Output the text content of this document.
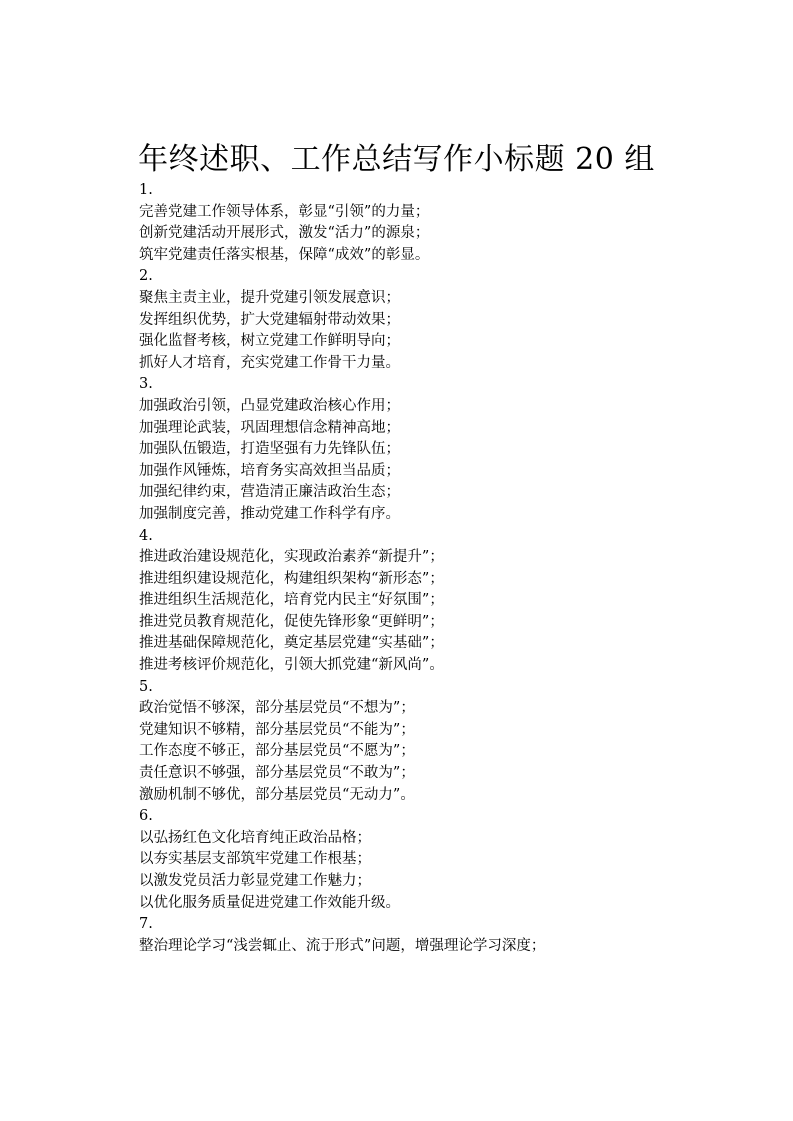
年终述职、工作总结写作小标题 20 组
1.
完善党建工作领导体系，彰显“引领”的力量；
创新党建活动开展形式，激发“活力”的源泉；
筑牢党建责任落实根基，保障“成效”的彰显。
2.
聚焦主责主业，提升党建引领发展意识；
发挥组织优势，扩大党建辐射带动效果；
强化监督考核，树立党建工作鲜明导向；
抓好人才培育，充实党建工作骨干力量。
3.
加强政治引领，凸显党建政治核心作用；
加强理论武装，巩固理想信念精神高地；
加强队伍锻造，打造坚强有力先锋队伍；
加强作风锤炼，培育务实高效担当品质；
加强纪律约束，营造清正廉洁政治生态；
加强制度完善，推动党建工作科学有序。
4.
推进政治建设规范化，实现政治素养“新提升”；
推进组织建设规范化，构建组织架构“新形态”；
推进组织生活规范化，培育党内民主“好氛围”；
推进党员教育规范化，促使先锋形象“更鲜明”；
推进基础保障规范化，奠定基层党建“实基础”；
推进考核评价规范化，引领大抓党建“新风尚”。
5.
政治觉悟不够深，部分基层党员“不想为”；
党建知识不够精，部分基层党员“不能为”；
工作态度不够正，部分基层党员“不愿为”；
责任意识不够强，部分基层党员“不敢为”；
激励机制不够优，部分基层党员“无动力”。
6.
以弘扬红色文化培育纯正政治品格；
以夯实基层支部筑牢党建工作根基；
以激发党员活力彰显党建工作魅力；
以优化服务质量促进党建工作效能升级。
7.
整治理论学习“浅尝辄止、流于形式”问题，增强理论学习深度；
